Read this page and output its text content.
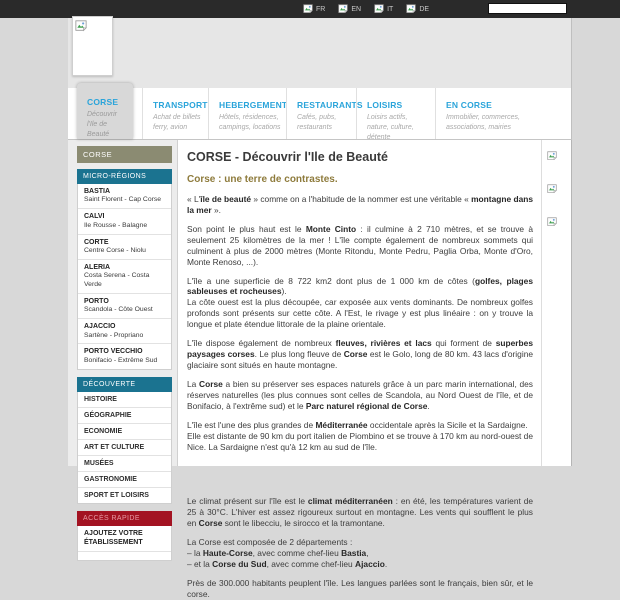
FR	EN	IT	DE
CORSE
Découvrir l'Ile de Beauté
TRANSPORT
Achat de billets ferry, avion
HEBERGEMENT
Hôtels, résidences, campings, locations
RESTAURANTS
Cafés, pubs, restaurants
LOISIRS
Loisirs actifs, nature, culture, détente
EN CORSE
Immobilier, commerces, associations, mairies
CORSE
MICRO-RÉGIONS
BASTIA
Saint Florent - Cap Corse
CALVI
Ile Rousse - Balagne
CORTE
Centre Corse - Niolu
ALERIA
Costa Serena - Costa Verde
PORTO
Scandola - Côte Ouest
AJACCIO
Sartène - Propriano
PORTO VECCHIO
Bonifacio - Extrême Sud
DÉCOUVERTE
HISTOIRE
GÉOGRAPHIE
ECONOMIE
ART ET CULTURE
MUSÉES
GASTRONOMIE
SPORT ET LOISIRS
ACCÈS RAPIDE
AJOUTEZ VOTRE ÉTABLISSEMENT
CORSE - Découvrir l'Ile de Beauté
Corse : une terre de contrastes.

« L'île de beauté » comme on a l'habitude de la nommer est une véritable « montagne dans la mer ».

Son point le plus haut est le Monte Cinto : il culmine à 2 710 mètres, et se trouve à seulement 25 kilomètres de la mer ! L'île compte également de nombreux sommets qui culminent à plus de 2000 mètres (Monte Ritondu, Monte Pedru, Paglia Orba, Monte d'Oro, Monte Renoso, ...).

L'île a une superficie de 8 722 km2 dont plus de 1 000 km de côtes (golfes, plages sableuses et rocheuses).
La côte ouest est la plus découpée, car exposée aux vents dominants. De nombreux golfes profonds sont présents sur cette côte. A l'Est, le rivage y est plus linéaire : on y trouve la longue et plate étendue littorale de la plaine orientale.

L'île dispose également de nombreux fleuves, rivières et lacs qui forment de superbes paysages corses. Le plus long fleuve de Corse est le Golo, long de 80 km. 43 lacs d'origine glaciaire sont situés en haute montagne.

La Corse a bien su préserver ses espaces naturels grâce à un parc marin international, des réserves naturelles (les plus connues sont celles de Scandola, au Nord Ouest de l'île, et de Bonifacio, à l'extrême sud) et le Parc naturel régional de Corse.

L'île est l'une des plus grandes de Méditerranée occidentale après la Sicile et la Sardaigne.
Elle est distante de 90 km du port italien de Piombino et se trouve à 170 km au nord-ouest de Nice. La Sardaigne n'est qu'à 12 km au sud de l'île.

Le climat présent sur l'île est le climat méditerranéen : en été, les températures varient de 25 à 30°C. L'hiver est assez rigoureux surtout en montagne. Les vents qui soufflent le plus en Corse sont le libecciu, le sirocco et la tramontane.

La Corse est composée de 2 départements :
– la Haute-Corse, avec comme chef-lieu Bastia,
– et la Corse du Sud, avec comme chef-lieu Ajaccio.

Près de 300.000 habitants peuplent l'île. Les langues parlées sont le français, bien sûr, et le corse.
